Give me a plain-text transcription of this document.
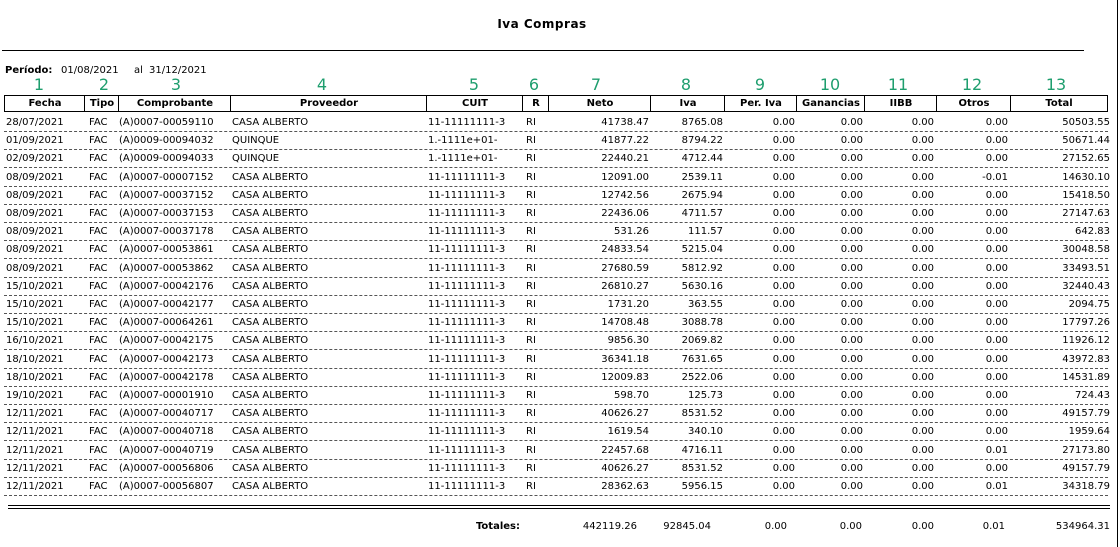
Iva Compras
Período: 01/08/2021 al 31/12/2021
1	2	3	4	5	6	7	8	9	10	11	12	13
Fecha	Tipo	Comprobante	Proveedor	CUIT	R	Neto	Iva	Per. Iva	Ganancias	IIBB	Otros	Total
28/07/2021	FAC	(A)0007-00059110	CASA ALBERTO	11-11111111-3	RI	41738.47	8765.08	0.00	0.00	0.00	0.00	50503.55
01/09/2021	FAC	(A)0009-00094032	QUINQUE	1.-1111e+01-	RI	41877.22	8794.22	0.00	0.00	0.00	0.00	50671.44
02/09/2021	FAC	(A)0009-00094033	QUINQUE	1.-1111e+01-	RI	22440.21	4712.44	0.00	0.00	0.00	0.00	27152.65
08/09/2021	FAC	(A)0007-00007152	CASA ALBERTO	11-11111111-3	RI	12091.00	2539.11	0.00	0.00	0.00	-0.01	14630.10
08/09/2021	FAC	(A)0007-00037152	CASA ALBERTO	11-11111111-3	RI	12742.56	2675.94	0.00	0.00	0.00	0.00	15418.50
08/09/2021	FAC	(A)0007-00037153	CASA ALBERTO	11-11111111-3	RI	22436.06	4711.57	0.00	0.00	0.00	0.00	27147.63
08/09/2021	FAC	(A)0007-00037178	CASA ALBERTO	11-11111111-3	RI	531.26	111.57	0.00	0.00	0.00	0.00	642.83
08/09/2021	FAC	(A)0007-00053861	CASA ALBERTO	11-11111111-3	RI	24833.54	5215.04	0.00	0.00	0.00	0.00	30048.58
08/09/2021	FAC	(A)0007-00053862	CASA ALBERTO	11-11111111-3	RI	27680.59	5812.92	0.00	0.00	0.00	0.00	33493.51
15/10/2021	FAC	(A)0007-00042176	CASA ALBERTO	11-11111111-3	RI	26810.27	5630.16	0.00	0.00	0.00	0.00	32440.43
15/10/2021	FAC	(A)0007-00042177	CASA ALBERTO	11-11111111-3	RI	1731.20	363.55	0.00	0.00	0.00	0.00	2094.75
15/10/2021	FAC	(A)0007-00064261	CASA ALBERTO	11-11111111-3	RI	14708.48	3088.78	0.00	0.00	0.00	0.00	17797.26
16/10/2021	FAC	(A)0007-00042175	CASA ALBERTO	11-11111111-3	RI	9856.30	2069.82	0.00	0.00	0.00	0.00	11926.12
18/10/2021	FAC	(A)0007-00042173	CASA ALBERTO	11-11111111-3	RI	36341.18	7631.65	0.00	0.00	0.00	0.00	43972.83
18/10/2021	FAC	(A)0007-00042178	CASA ALBERTO	11-11111111-3	RI	12009.83	2522.06	0.00	0.00	0.00	0.00	14531.89
19/10/2021	FAC	(A)0007-00001910	CASA ALBERTO	11-11111111-3	RI	598.70	125.73	0.00	0.00	0.00	0.00	724.43
12/11/2021	FAC	(A)0007-00040717	CASA ALBERTO	11-11111111-3	RI	40626.27	8531.52	0.00	0.00	0.00	0.00	49157.79
12/11/2021	FAC	(A)0007-00040718	CASA ALBERTO	11-11111111-3	RI	1619.54	340.10	0.00	0.00	0.00	0.00	1959.64
12/11/2021	FAC	(A)0007-00040719	CASA ALBERTO	11-11111111-3	RI	22457.68	4716.11	0.00	0.00	0.00	0.01	27173.80
12/11/2021	FAC	(A)0007-00056806	CASA ALBERTO	11-11111111-3	RI	40626.27	8531.52	0.00	0.00	0.00	0.00	49157.79
12/11/2021	FAC	(A)0007-00056807	CASA ALBERTO	11-11111111-3	RI	28362.63	5956.15	0.00	0.00	0.00	0.01	34318.79
Totales:	442119.26	92845.04	0.00	0.00	0.00	0.01	534964.31
